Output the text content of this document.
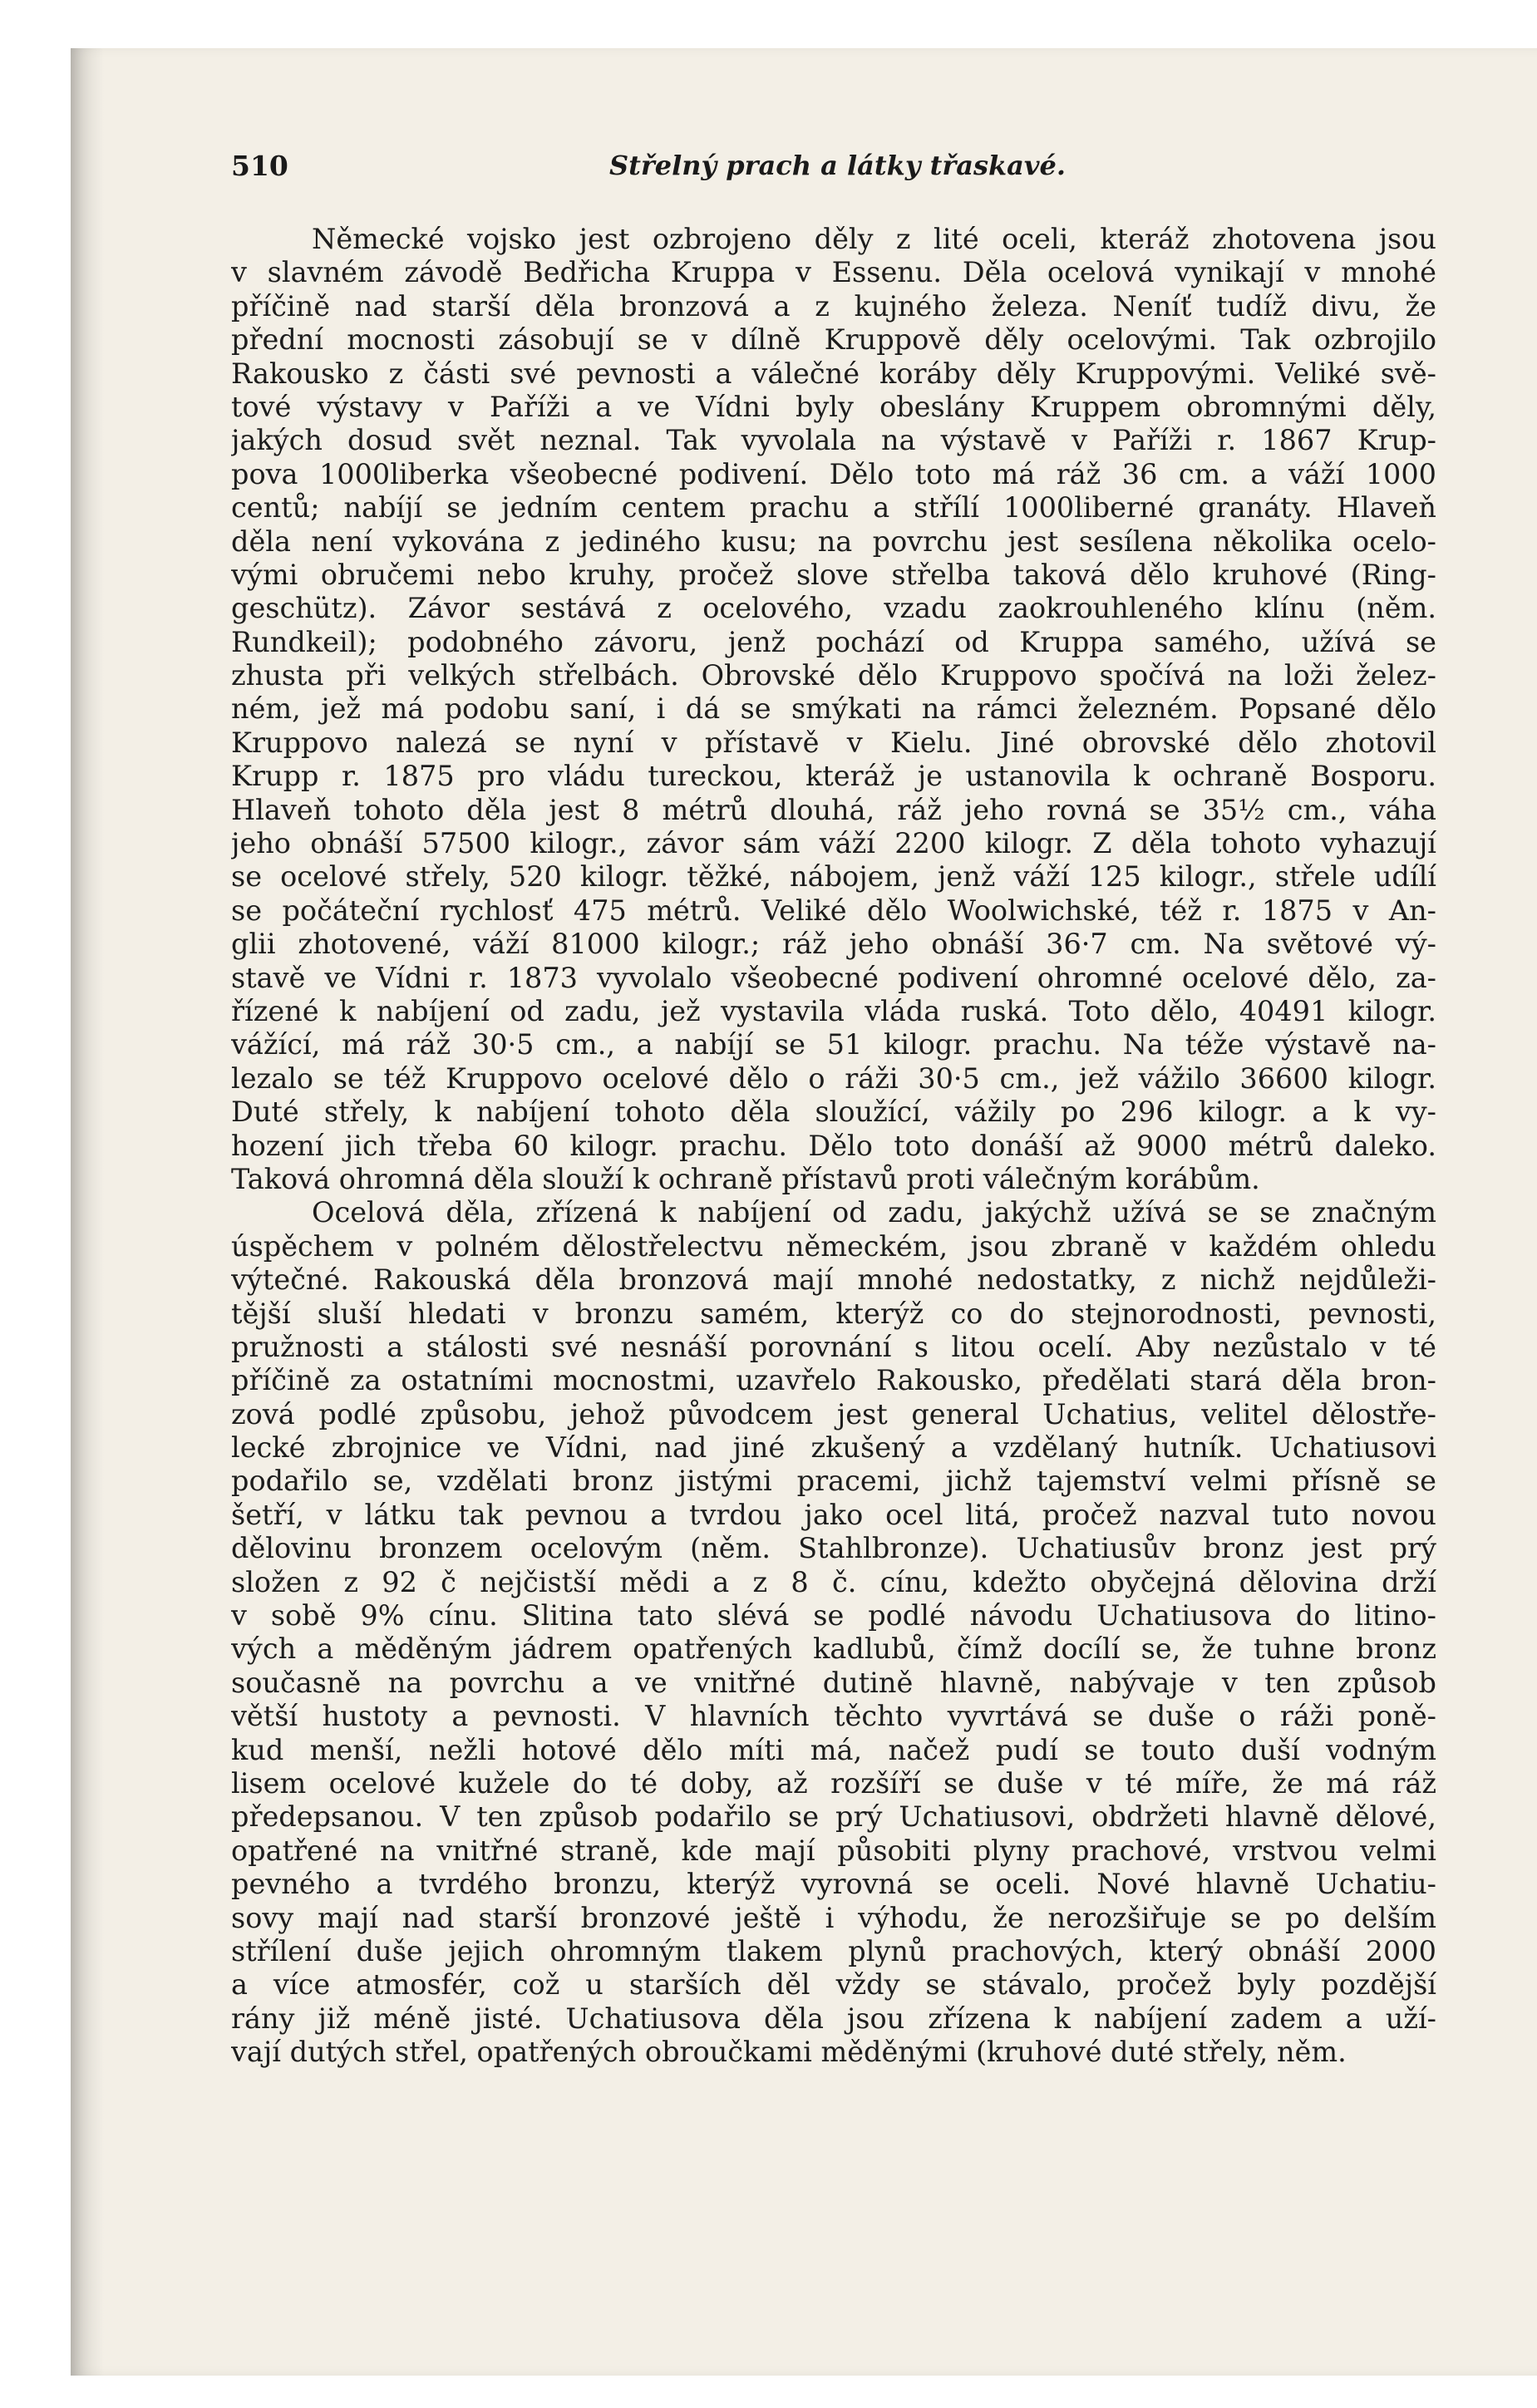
510	Střelný prach a látky třaskavé.
Německé vojsko jest ozbrojeno děly z lité oceli, kteráž zhotovena jsou
v slavném závodě Bedřicha Kruppa v Essenu. Děla ocelová vynikají v mnohé
příčině nad starší děla bronzová a z kujného železa. Neníť tudíž divu, že
přední mocnosti zásobují se v dílně Kruppově děly ocelovými. Tak ozbrojilo
Rakousko z části své pevnosti a válečné koráby děly Kruppovými. Veliké svě-
tové výstavy v Paříži a ve Vídni byly obeslány Kruppem obromnými děly,
jakých dosud svět neznal. Tak vyvolala na výstavě v Paříži r. 1867 Krup-
pova 1000liberka všeobecné podivení. Dělo toto má ráž 36 cm. a váží 1000
centů; nabíjí se jedním centem prachu a střílí 1000liberné granáty. Hlaveň
děla není vykována z jediného kusu; na povrchu jest sesílena několika ocelo-
vými obručemi nebo kruhy, pročež slove střelba taková dělo kruhové (Ring-
geschütz). Závor sestává z ocelového, vzadu zaokrouhleného klínu (něm.
Rundkeil); podobného závoru, jenž pochází od Kruppa samého, užívá se
zhusta při velkých střelbách. Obrovské dělo Kruppovo spočívá na loži želez-
ném, jež má podobu saní, i dá se smýkati na rámci železném. Popsané dělo
Kruppovo nalezá se nyní v přístavě v Kielu. Jiné obrovské dělo zhotovil
Krupp r. 1875 pro vládu tureckou, kteráž je ustanovila k ochraně Bosporu.
Hlaveň tohoto děla jest 8 métrů dlouhá, ráž jeho rovná se 35½ cm., váha
jeho obnáší 57500 kilogr., závor sám váží 2200 kilogr. Z děla tohoto vyhazují
se ocelové střely, 520 kilogr. těžké, nábojem, jenž váží 125 kilogr., střele udílí
se počáteční rychlosť 475 métrů. Veliké dělo Woolwichské, též r. 1875 v An-
glii zhotovené, váží 81000 kilogr.; ráž jeho obnáší 36·7 cm. Na světové vý-
stavě ve Vídni r. 1873 vyvolalo všeobecné podivení ohromné ocelové dělo, za-
řízené k nabíjení od zadu, jež vystavila vláda ruská. Toto dělo, 40491 kilogr.
vážící, má ráž 30·5 cm., a nabíjí se 51 kilogr. prachu. Na téže výstavě na-
lezalo se též Kruppovo ocelové dělo o ráži 30·5 cm., jež vážilo 36600 kilogr.
Duté střely, k nabíjení tohoto děla sloužící, vážily po 296 kilogr. a k vy-
hození jich třeba 60 kilogr. prachu. Dělo toto donáší až 9000 métrů daleko.
Taková ohromná děla slouží k ochraně přístavů proti válečným korábům.
Ocelová děla, zřízená k nabíjení od zadu, jakýchž užívá se se značným
úspěchem v polném dělostřelectvu německém, jsou zbraně v každém ohledu
výtečné. Rakouská děla bronzová mají mnohé nedostatky, z nichž nejdůleži-
tější sluší hledati v bronzu samém, kterýž co do stejnorodnosti, pevnosti,
pružnosti a stálosti své nesnáší porovnání s litou ocelí. Aby nezůstalo v té
příčině za ostatními mocnostmi, uzavřelo Rakousko, předělati stará děla bron-
zová podlé způsobu, jehož původcem jest general Uchatius, velitel dělostře-
lecké zbrojnice ve Vídni, nad jiné zkušený a vzdělaný hutník. Uchatiusovi
podařilo se, vzdělati bronz jistými pracemi, jichž tajemství velmi přísně se
šetří, v látku tak pevnou a tvrdou jako ocel litá, pročež nazval tuto novou
dělovinu bronzem ocelovým (něm. Stahlbronze). Uchatiusův bronz jest prý
složen z 92 č nejčistší mědi a z 8 č. cínu, kdežto obyčejná dělovina drží
v sobě 9% cínu. Slitina tato slévá se podlé návodu Uchatiusova do litino-
vých a měděným jádrem opatřených kadlubů, čímž docílí se, že tuhne bronz
současně na povrchu a ve vnitřné dutině hlavně, nabývaje v ten způsob
větší hustoty a pevnosti. V hlavních těchto vyvrtává se duše o ráži poně-
kud menší, nežli hotové dělo míti má, načež pudí se touto duší vodným
lisem ocelové kužele do té doby, až rozšíří se duše v té míře, že má ráž
předepsanou. V ten způsob podařilo se prý Uchatiusovi, obdržeti hlavně dělové,
opatřené na vnitřné straně, kde mají působiti plyny prachové, vrstvou velmi
pevného a tvrdého bronzu, kterýž vyrovná se oceli. Nové hlavně Uchatiu-
sovy mají nad starší bronzové ještě i výhodu, že nerozšiřuje se po delším
střílení duše jejich ohromným tlakem plynů prachových, který obnáší 2000
a více atmosfér, což u starších děl vždy se stávalo, pročež byly pozdější
rány již méně jisté. Uchatiusova děla jsou zřízena k nabíjení zadem a uží-
vají dutých střel, opatřených obroučkami měděnými (kruhové duté střely, něm.
